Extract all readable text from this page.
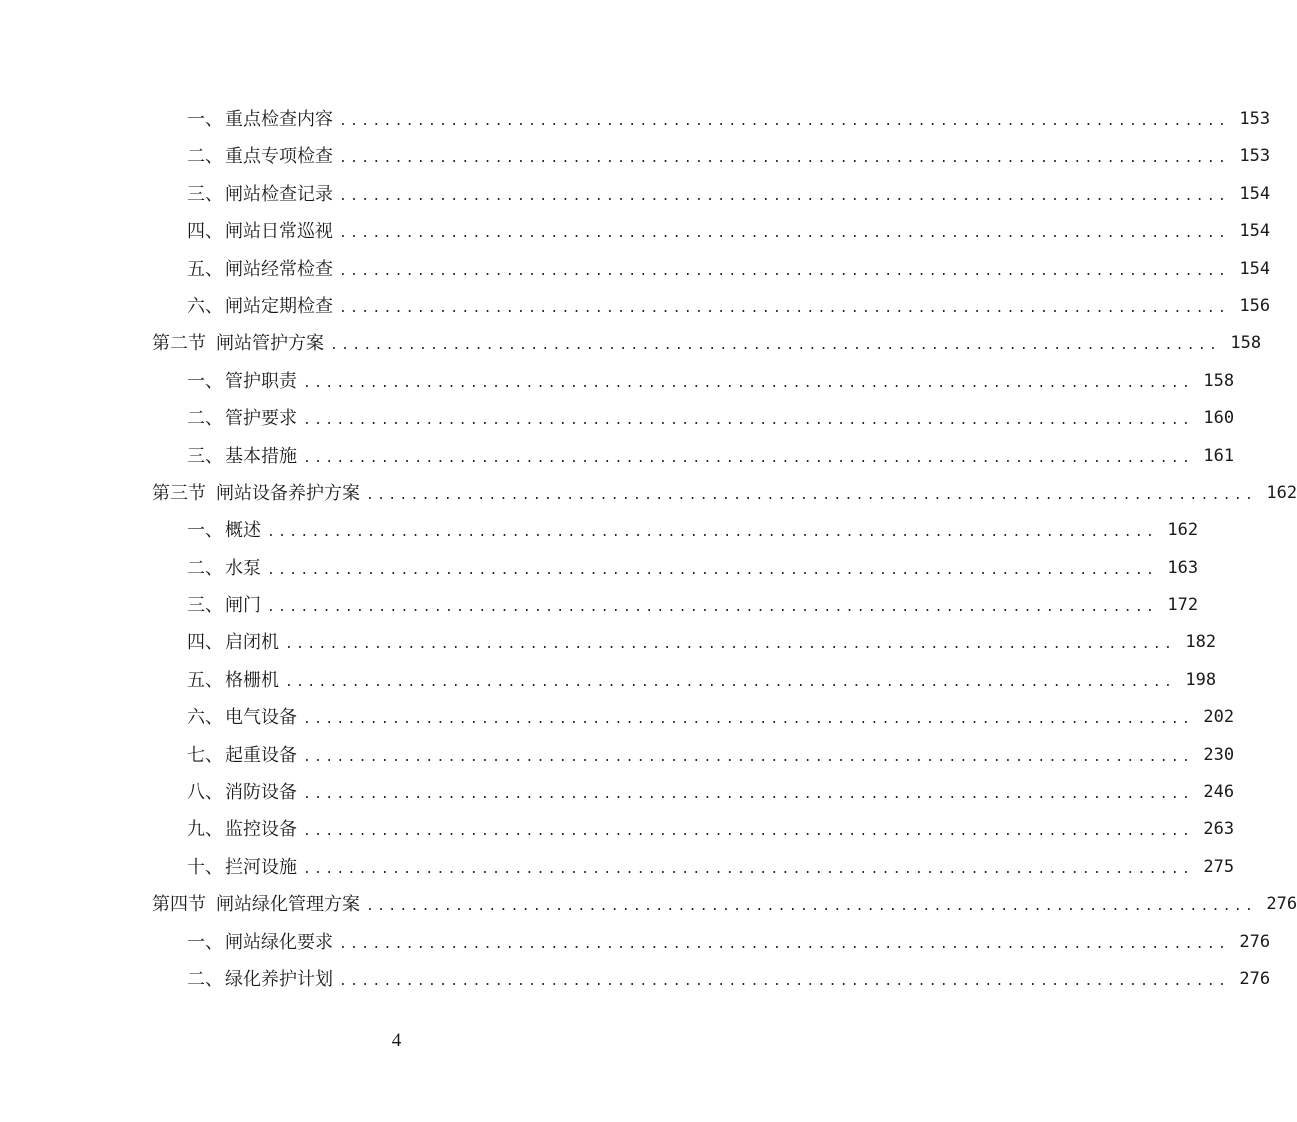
一、 重点检查内容 ................................................................................ 153
二、 重点专项检查 ................................................................................ 153
三、 闸站检查记录 ................................................................................ 154
四、 闸站日常巡视 ................................................................................ 154
五、 闸站经常检查 ................................................................................ 154
六、 闸站定期检查 ................................................................................ 156
第二节 闸站管护方案 ................................................................................ 158
一、 管护职责 ................................................................................ 158
二、 管护要求 ................................................................................ 160
三、 基本措施 ................................................................................ 161
第三节 闸站设备养护方案 ................................................................................ 162
一、 概述 ................................................................................ 162
二、 水泵 ................................................................................ 163
三、 闸门 ................................................................................ 172
四、 启闭机 ................................................................................ 182
五、 格栅机 ................................................................................ 198
六、 电气设备 ................................................................................ 202
七、 起重设备 ................................................................................ 230
八、 消防设备 ................................................................................ 246
九、 监控设备 ................................................................................ 263
十、 拦河设施 ................................................................................ 275
第四节 闸站绿化管理方案 ................................................................................ 276
一、 闸站绿化要求 ................................................................................ 276
二、 绿化养护计划 ................................................................................ 276
4
